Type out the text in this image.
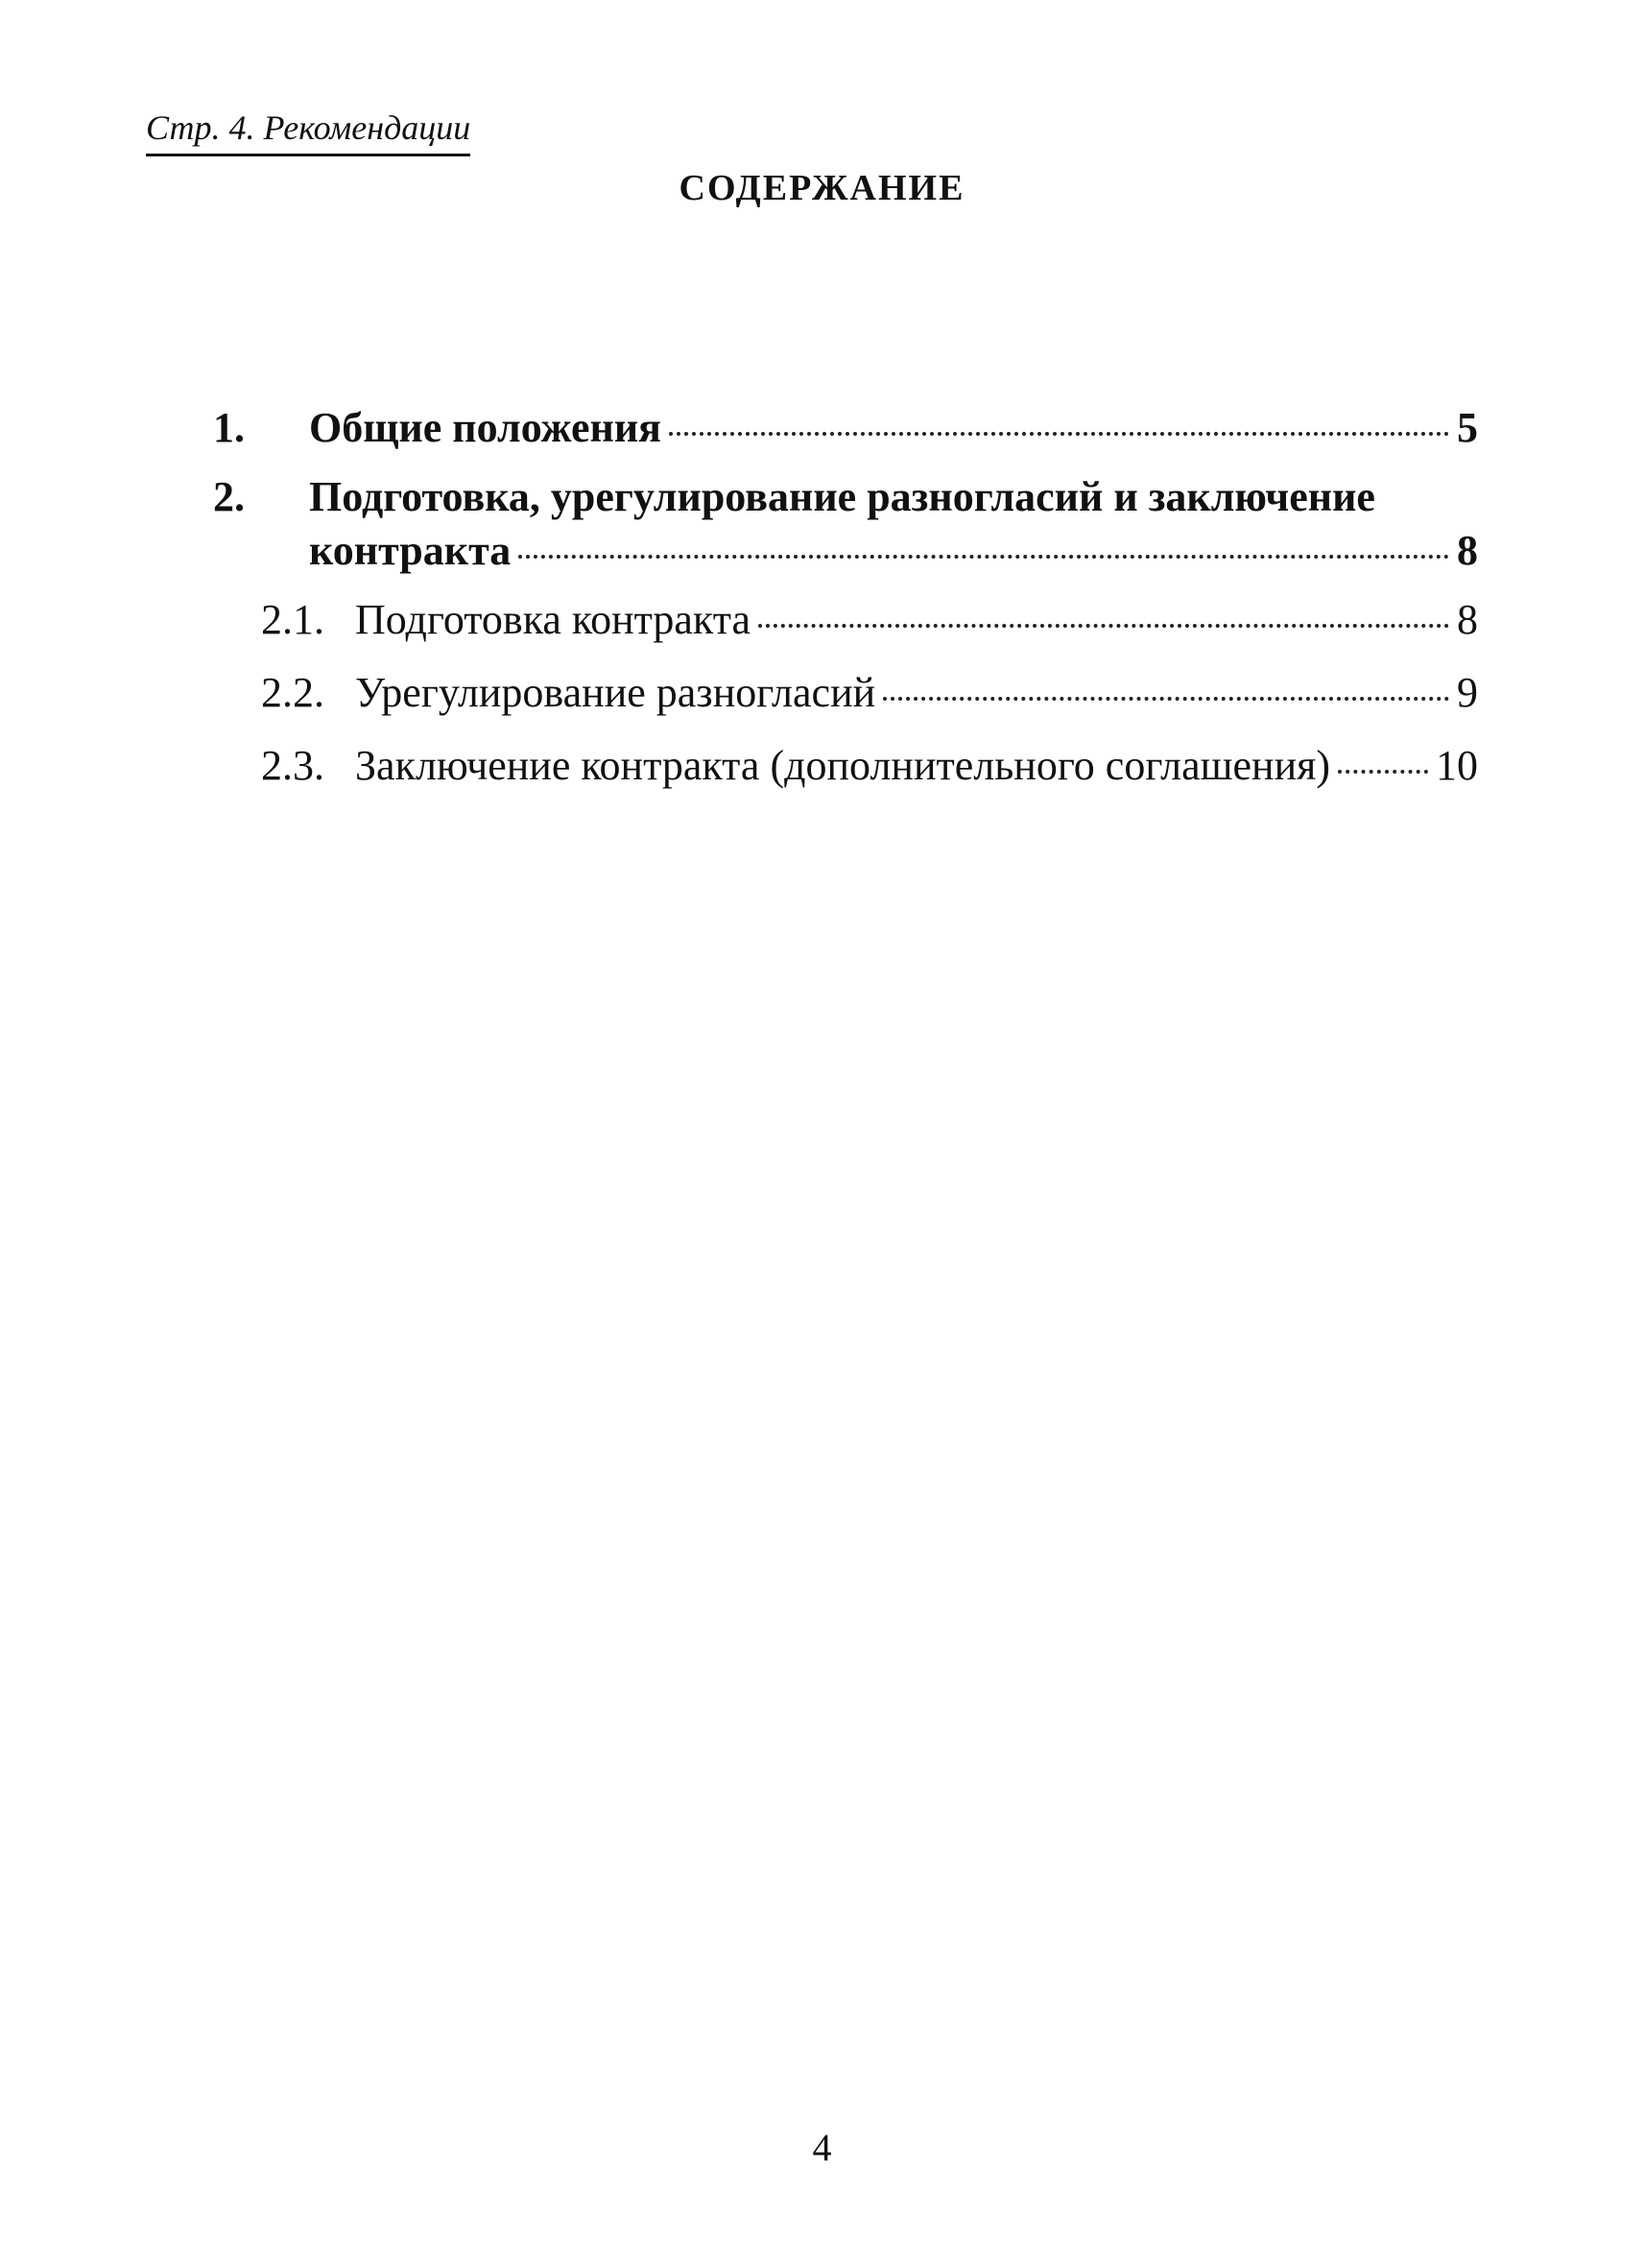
Стр. 4. Рекомендации
СОДЕРЖАНИЕ
1.	Общие положения	5
2.	Подготовка, урегулирование разногласий и заключение
контракта	8
2.1. Подготовка контракта	8
2.2. Урегулирование разногласий	9
2.3. Заключение контракта (дополнительного соглашения) 10
4
